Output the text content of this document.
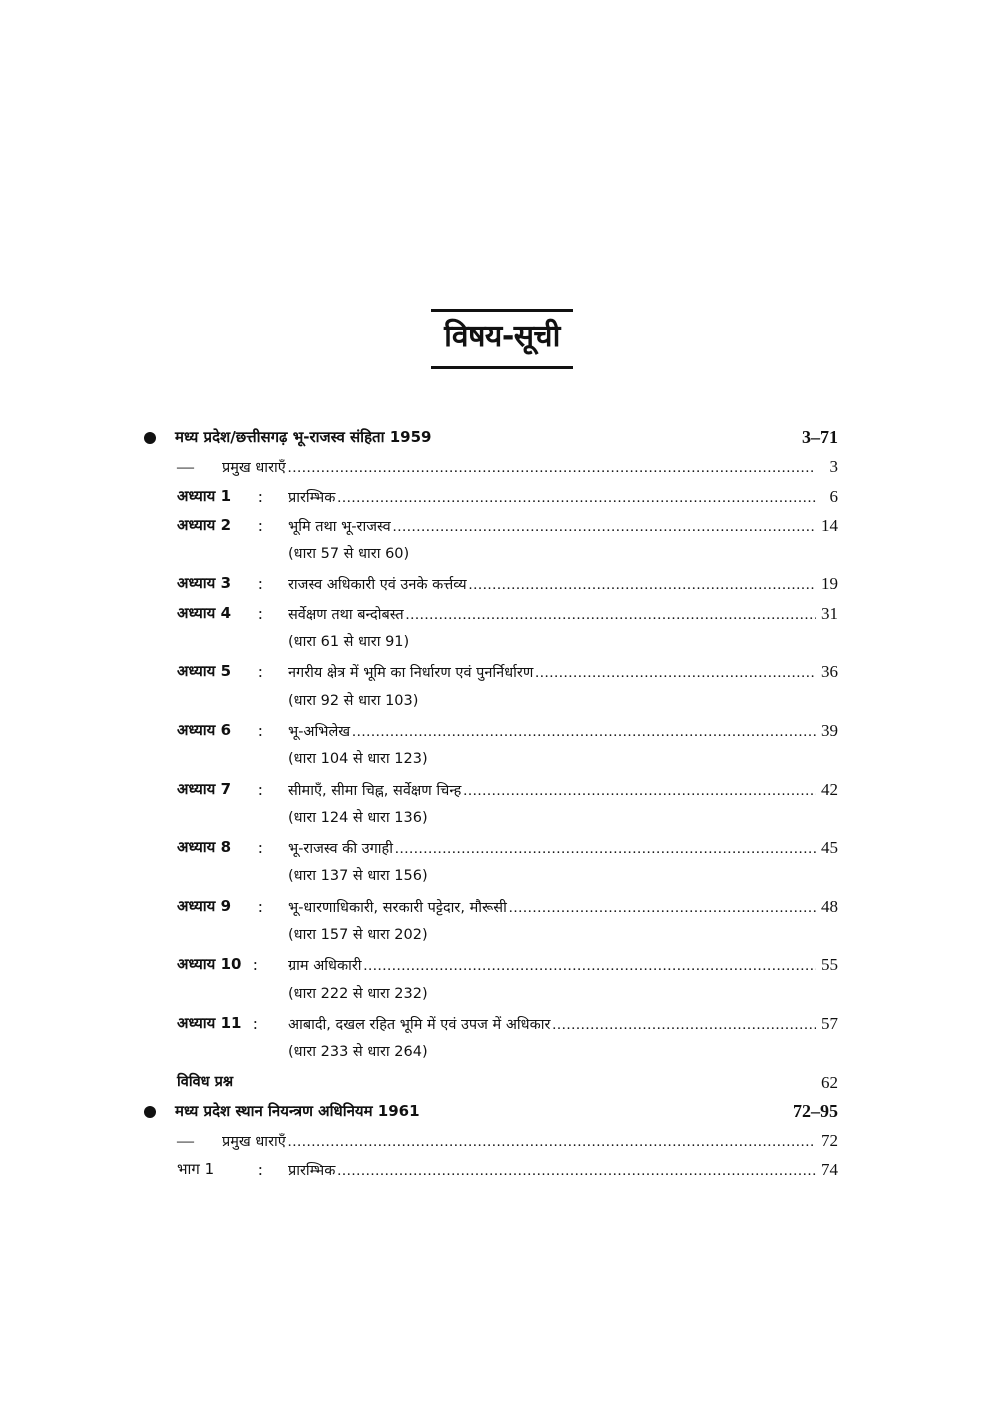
विषय-सूची
मध्य प्रदेश/छत्तीसगढ़ भू-राजस्व संहिता 1959	3–71
— प्रमुख धाराएँ .....	3
अध्याय 1 : प्रारम्भिक .....	6
अध्याय 2 : भूमि तथा भू-राजस्व .....	14
(धारा 57 से धारा 60)
अध्याय 3 : राजस्व अधिकारी एवं उनके कर्त्तव्य .....	19
अध्याय 4 : सर्वेक्षण तथा बन्दोबस्त .....	31
(धारा 61 से धारा 91)
अध्याय 5 : नगरीय क्षेत्र में भूमि का निर्धारण एवं पुनर्निर्धारण .....	36
(धारा 92 से धारा 103)
अध्याय 6 : भू-अभिलेख .....	39
(धारा 104 से धारा 123)
अध्याय 7 : सीमाएँ, सीमा चिह्न, सर्वेक्षण चिन्ह .....	42
(धारा 124 से धारा 136)
अध्याय 8 : भू-राजस्व की उगाही .....	45
(धारा 137 से धारा 156)
अध्याय 9 : भू-धारणाधिकारी, सरकारी पट्टेदार, मौरूसी .....	48
(धारा 157 से धारा 202)
अध्याय 10 : ग्राम अधिकारी .....	55
(धारा 222 से धारा 232)
अध्याय 11 : आबादी, दखल रहित भूमि में एवं उपज में अधिकार .....	57
(धारा 233 से धारा 264)
विविध प्रश्न	62
मध्य प्रदेश स्थान नियन्त्रण अधिनियम 1961	72–95
— प्रमुख धाराएँ .....	72
भाग 1	: प्रारम्भिक .....	74
